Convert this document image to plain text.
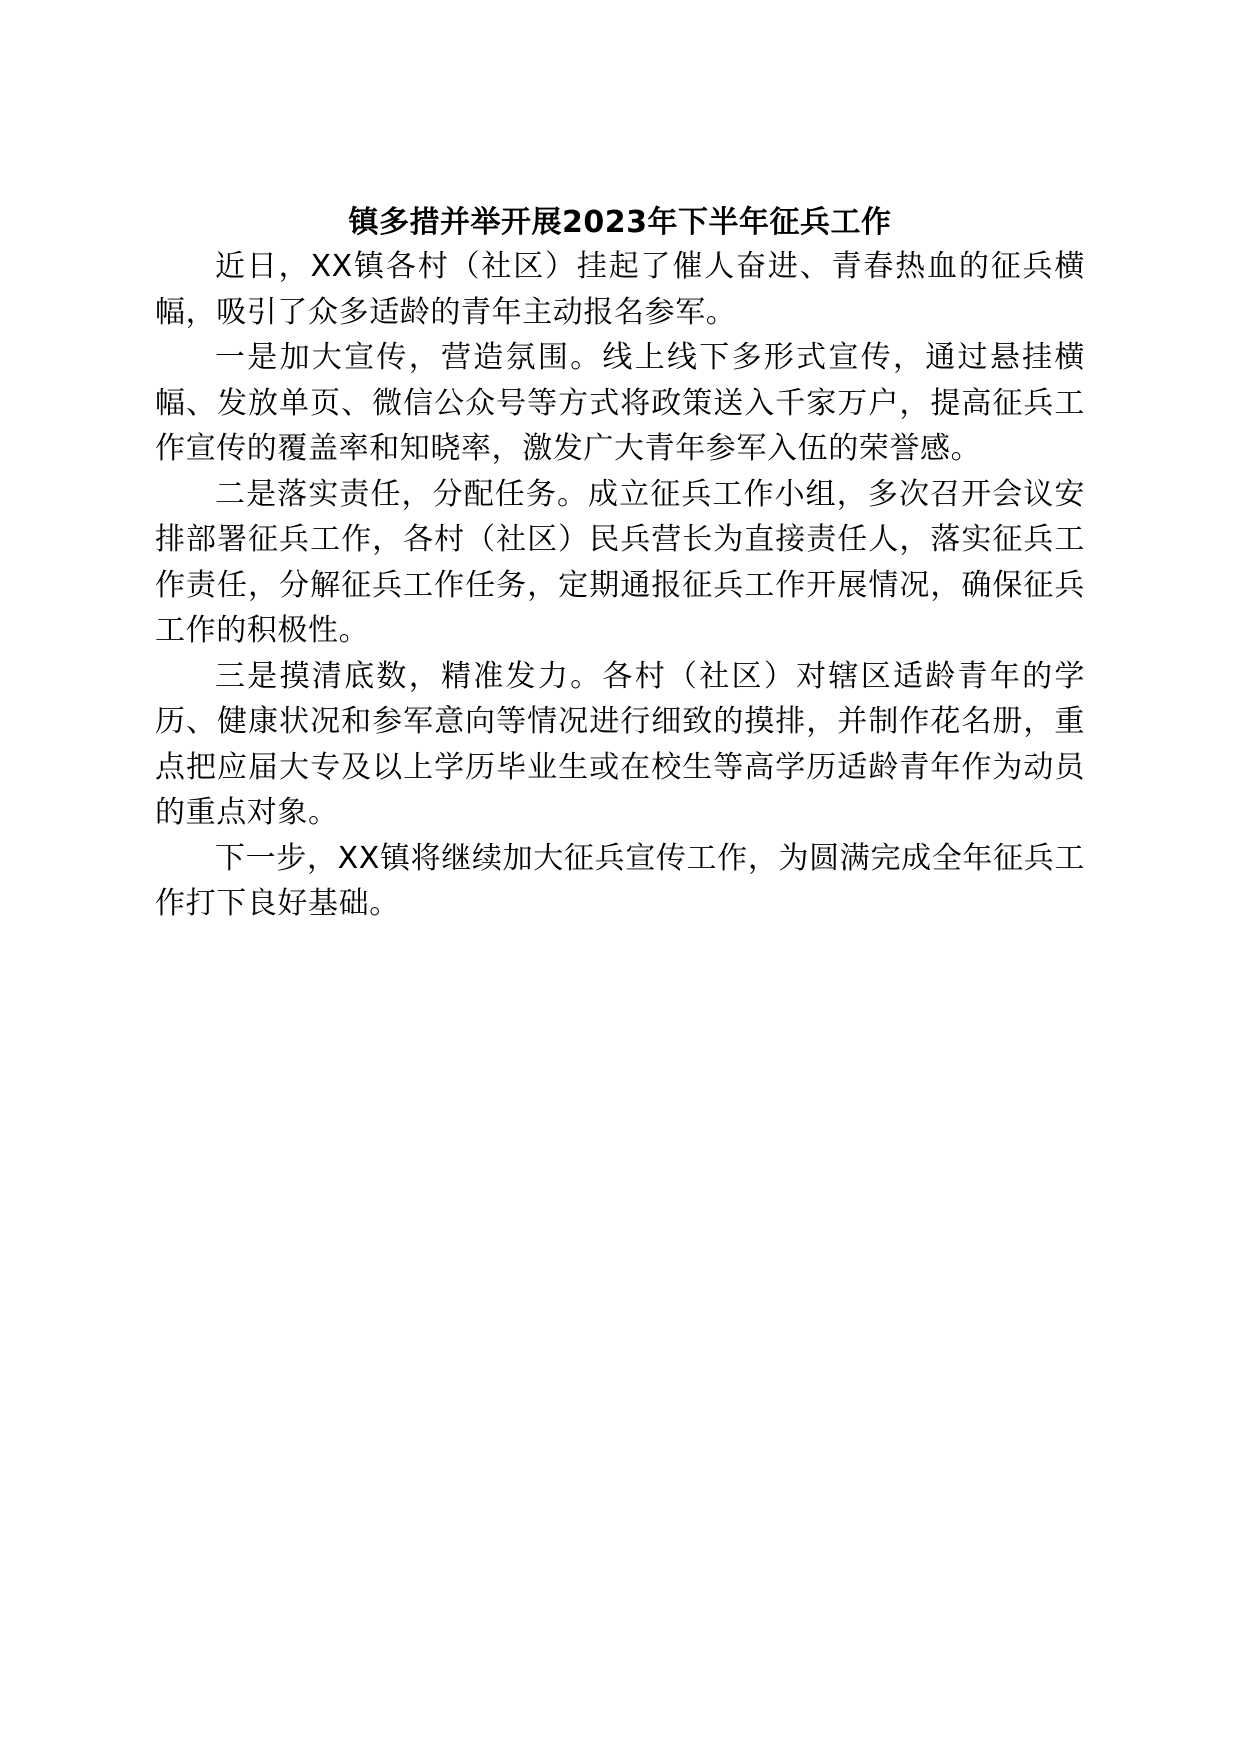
镇多措并举开展2023年下半年征兵工作

近日，XX镇各村（社区）挂起了催人奋进、青春热血的征兵横幅，吸引了众多适龄的青年主动报名参军。

一是加大宣传，营造氛围。线上线下多形式宣传，通过悬挂横幅、发放单页、微信公众号等方式将政策送入千家万户，提高征兵工作宣传的覆盖率和知晓率，激发广大青年参军入伍的荣誉感。

二是落实责任，分配任务。成立征兵工作小组，多次召开会议安排部署征兵工作，各村（社区）民兵营长为直接责任人，落实征兵工作责任，分解征兵工作任务，定期通报征兵工作开展情况，确保征兵工作的积极性。

三是摸清底数，精准发力。各村（社区）对辖区适龄青年的学历、健康状况和参军意向等情况进行细致的摸排，并制作花名册，重点把应届大专及以上学历毕业生或在校生等高学历适龄青年作为动员的重点对象。

下一步，XX镇将继续加大征兵宣传工作，为圆满完成全年征兵工作打下良好基础。
